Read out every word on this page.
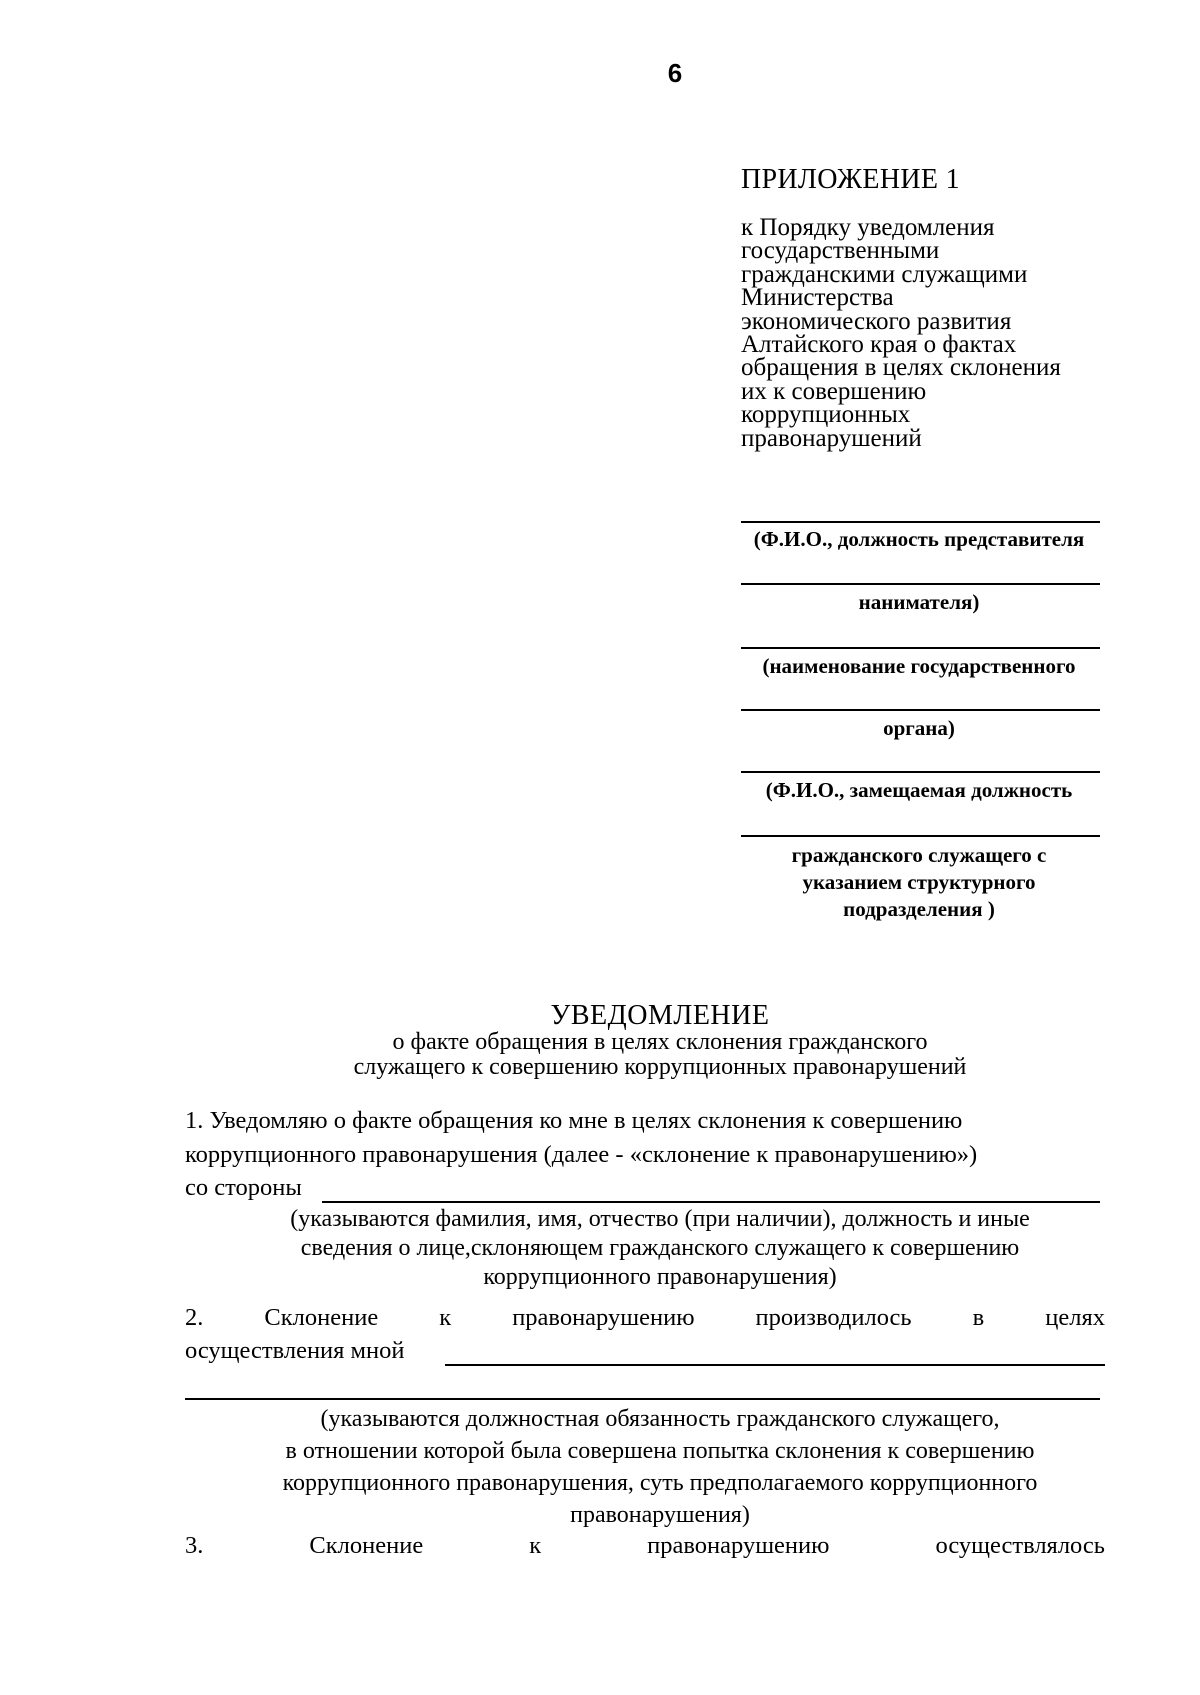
6
ПРИЛОЖЕНИЕ 1
к Порядку уведомления
государственными
гражданскими служащими
Министерства
экономического развития
Алтайского края о фактах
обращения в целях склонения
их к совершению
коррупционных
правонарушений
(Ф.И.О., должность представителя
нанимателя)
(наименование государственного
органа)
(Ф.И.О., замещаемая должность
гражданского служащего с
указанием структурного
подразделения )
УВЕДОМЛЕНИЕ
о факте обращения в целях склонения гражданского
служащего к совершению коррупционных правонарушений
1. Уведомляю о факте обращения ко мне в целях склонения к совершению
коррупционного правонарушения (далее - «склонение к правонарушению»)
со стороны
(указываются фамилия, имя, отчество (при наличии), должность и иные
сведения о лице,склоняющем гражданского служащего к совершению
коррупционного правонарушения)
2. Склонение к правонарушению производилось в целях
осуществления мной
(указываются должностная обязанность гражданского служащего,
в отношении которой была совершена попытка склонения к совершению
коррупционного правонарушения, суть предполагаемого коррупционного
правонарушения)
3.	Склонение	к	правонарушению	осуществлялось
